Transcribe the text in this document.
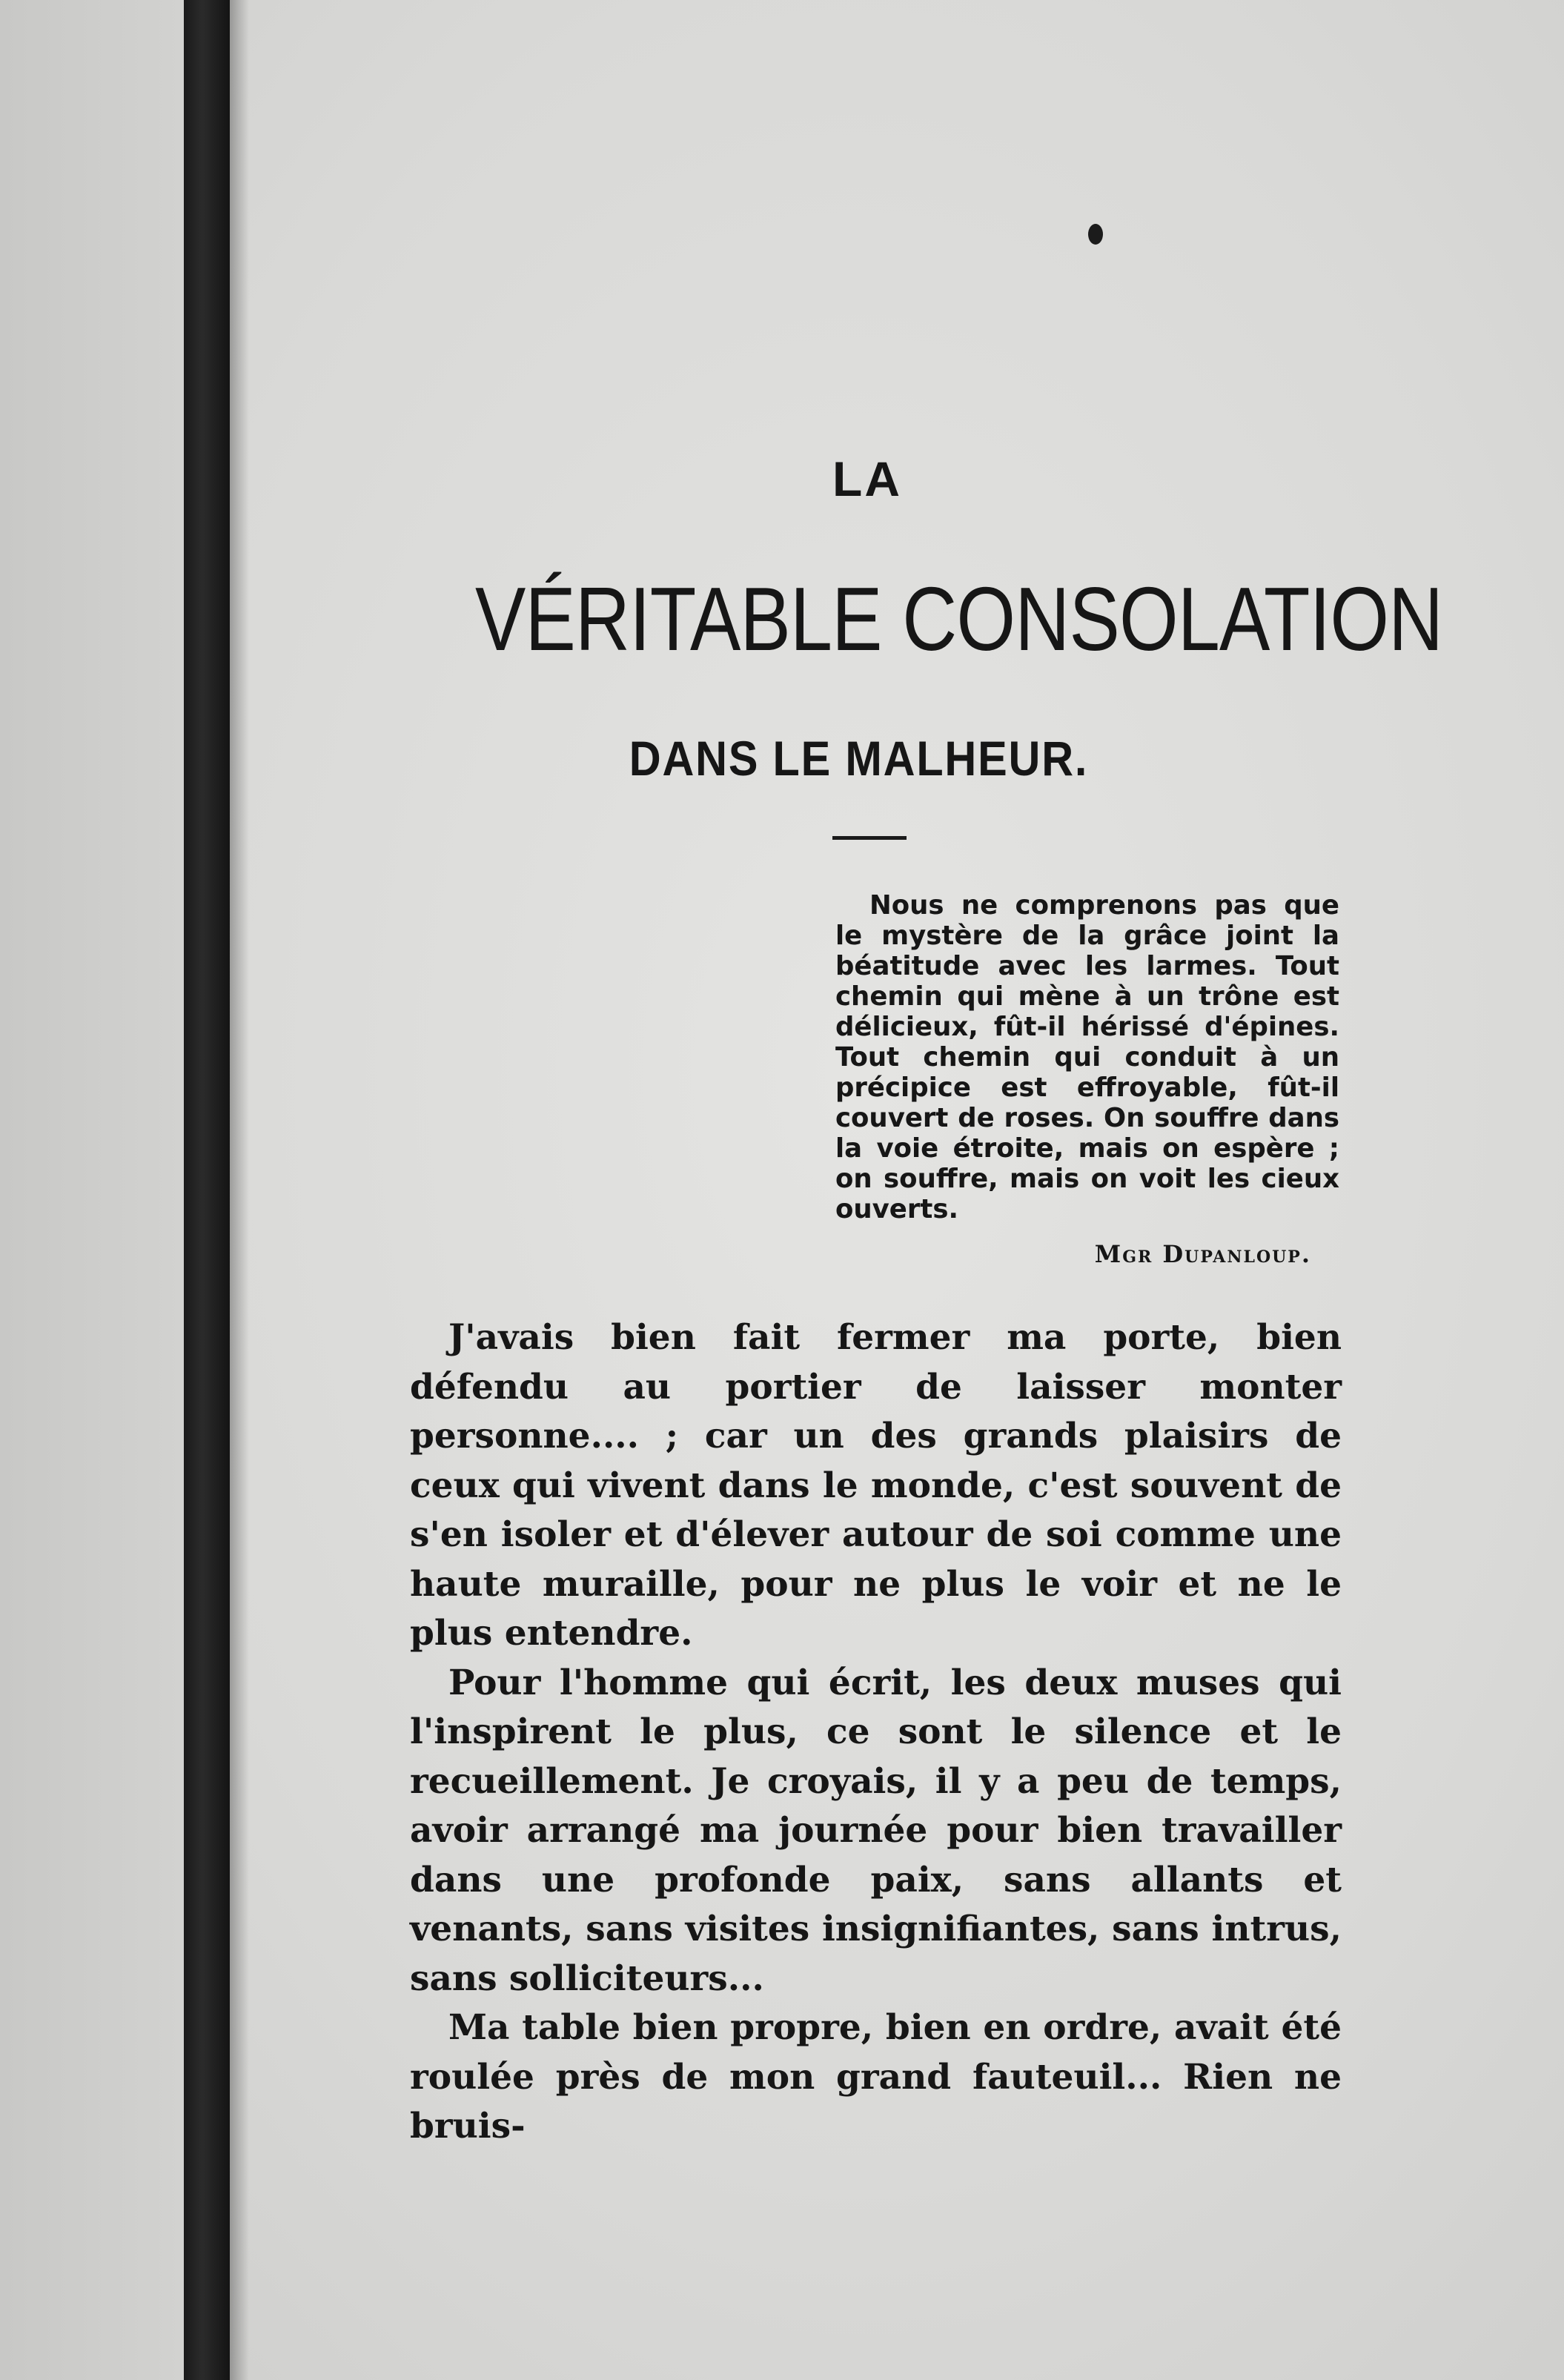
LA
VÉRITABLE CONSOLATION
DANS LE MALHEUR.

Nous ne comprenons pas que le mystère de la grâce joint la béatitude avec les larmes. Tout chemin qui mène à un trône est délicieux, fût-il hérissé d'épines. Tout chemin qui conduit à un précipice est effroyable, fût-il couvert de roses. On souffre dans la voie étroite, mais on espère ; on souffre, mais on voit les cieux ouverts.

Mgr Dupanloup.

J'avais bien fait fermer ma porte, bien défendu au portier de laisser monter personne.... ; car un des grands plaisirs de ceux qui vivent dans le monde, c'est souvent de s'en isoler et d'élever autour de soi comme une haute muraille, pour ne plus le voir et ne le plus entendre.

Pour l'homme qui écrit, les deux muses qui l'inspirent le plus, ce sont le silence et le recueillement. Je croyais, il y a peu de temps, avoir arrangé ma journée pour bien travailler dans une profonde paix, sans allants et venants, sans visites insignifiantes, sans intrus, sans solliciteurs...

Ma table bien propre, bien en ordre, avait été roulée près de mon grand fauteuil... Rien ne bruis-
